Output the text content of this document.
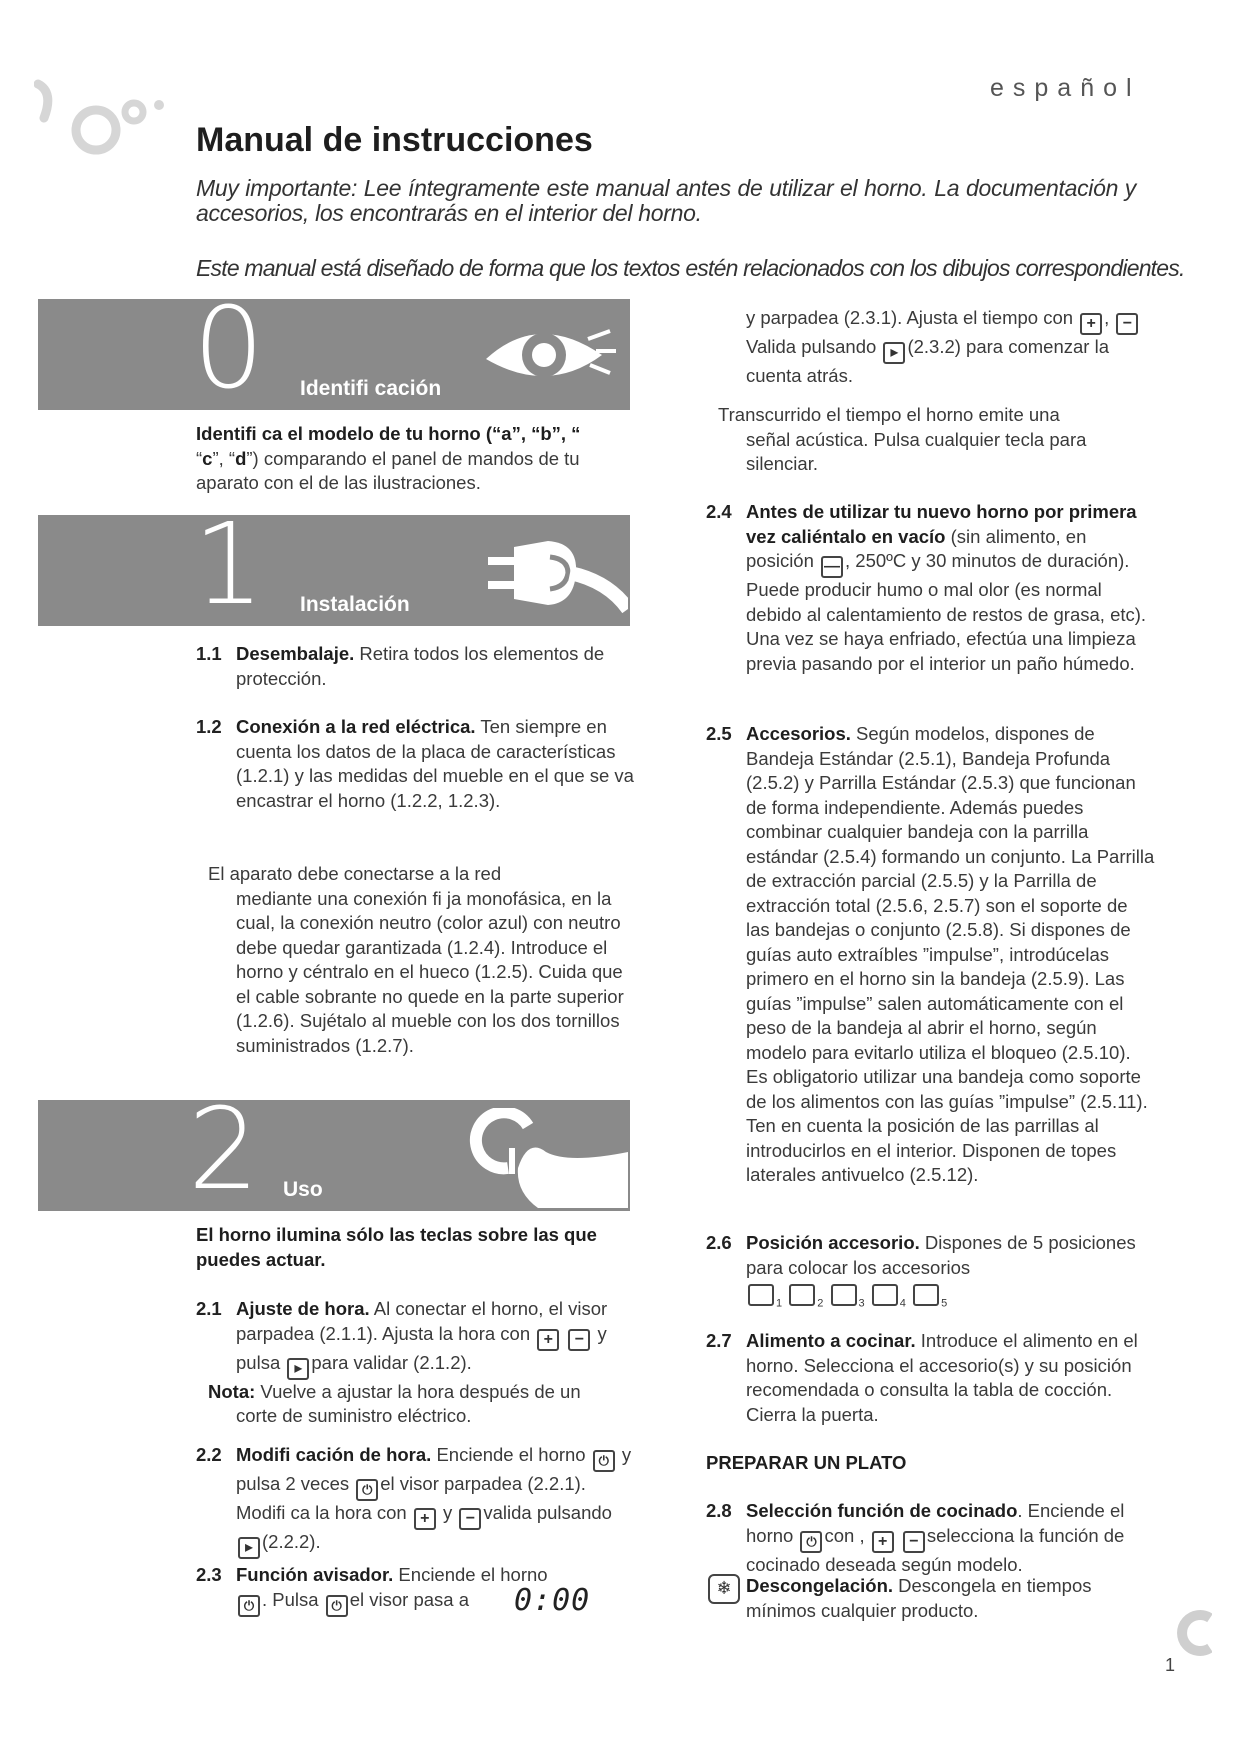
español
Manual de instrucciones
Muy importante: Lee íntegramente este manual antes de utilizar el horno. La documentación y accesorios, los encontrarás en el interior del horno.
Este manual está diseñado de forma que los textos estén relacionados con los dibujos correspondientes.
0 Identifi cación
Identifi ca el modelo de tu horno (“a”, “b”, “
“c”, “d”) comparando el panel de mandos de tu aparato con el de las ilustraciones.
1 Instalación
1.1 Desembalaje. Retira todos los elementos de protección.
1.2 Conexión a la red eléctrica. Ten siempre en cuenta los datos de la placa de características (1.2.1) y las medidas del mueble en el que se va encastrar el horno (1.2.2, 1.2.3).
El aparato debe conectarse a la red
mediante una conexión fi ja monofásica, en la cual, la conexión neutro (color azul) con neutro debe quedar garantizada (1.2.4). Introduce el horno y céntralo en el hueco (1.2.5). Cuida que el cable sobrante no quede en la parte superior (1.2.6). Sujétalo al mueble con los dos tornillos suministrados (1.2.7).
2 Uso
El horno ilumina sólo las teclas sobre las que puedes actuar.
2.1 Ajuste de hora. Al conectar el horno, el visor parpadea (2.1.1). Ajusta la hora con + − y pulsa ▸ para validar (2.1.2).
Nota: Vuelve a ajustar la hora después de un
corte de suministro eléctrico.
2.2 Modifi cación de hora. Enciende el horno ⏻ y pulsa 2 veces ⏻el visor parpadea (2.2.1). Modifi ca la hora con + y − valida pulsando ▸ (2.2.2).
2.3 Función avisador. Enciende el horno
⏻. Pulsa ⏻el visor pasa a 0:00
y parpadea (2.3.1). Ajusta el tiempo con + , −Valida pulsando ▸ (2.3.2) para comenzar la cuenta atrás.
Transcurrido el tiempo el horno emite una
señal acústica. Pulsa cualquier tecla para silenciar.
2.4 Antes de utilizar tu nuevo horno por primera vez caliéntalo en vacío (sin alimento, en posición — , 250ºC y 30 minutos de duración). Puede producir humo o mal olor (es normal debido al calentamiento de restos de grasa, etc). Una vez se haya enfriado, efectúa una limpieza previa pasando por el interior un paño húmedo.
2.5 Accesorios. Según modelos, dispones de Bandeja Estándar (2.5.1), Bandeja Profunda (2.5.2) y Parrilla Estándar (2.5.3) que funcionan de forma independiente. Además puedes combinar cualquier bandeja con la parrilla estándar (2.5.4) formando un conjunto. La Parrilla de extracción parcial (2.5.5) y la Parrilla de extracción total (2.5.6, 2.5.7) son el soporte de las bandejas o conjunto (2.5.8). Si dispones de guías auto extraíbles ”impulse”, introdúcelas primero en el horno sin la bandeja (2.5.9). Las guías ”impulse” salen automáticamente con el peso de la bandeja al abrir el horno, según modelo para evitarlo utiliza el bloqueo (2.5.10). Es obligatorio utilizar una bandeja como soporte de los alimentos con las guías ”impulse” (2.5.11). Ten en cuenta la posición de las parrillas al introducirlos en el interior. Disponen de topes laterales antivuelco (2.5.12).
2.6 Posición accesorio. Dispones de 5 posiciones para colocar los accesorios
$_1$	$_2$	$_3$	$_4$	$_5$
2.7 Alimento a cocinar. Introduce el alimento en el horno. Selecciona el accesorio(s) y su posición recomendada o consulta la tabla de cocción. Cierra la puerta.
PREPARAR UN PLATO
2.8 Selección función de cocinado. Enciende el horno ⏻con , + − selecciona la función de cocinado deseada según modelo.
❄ Descongelación. Descongela en tiempos mínimos cualquier producto.
1
